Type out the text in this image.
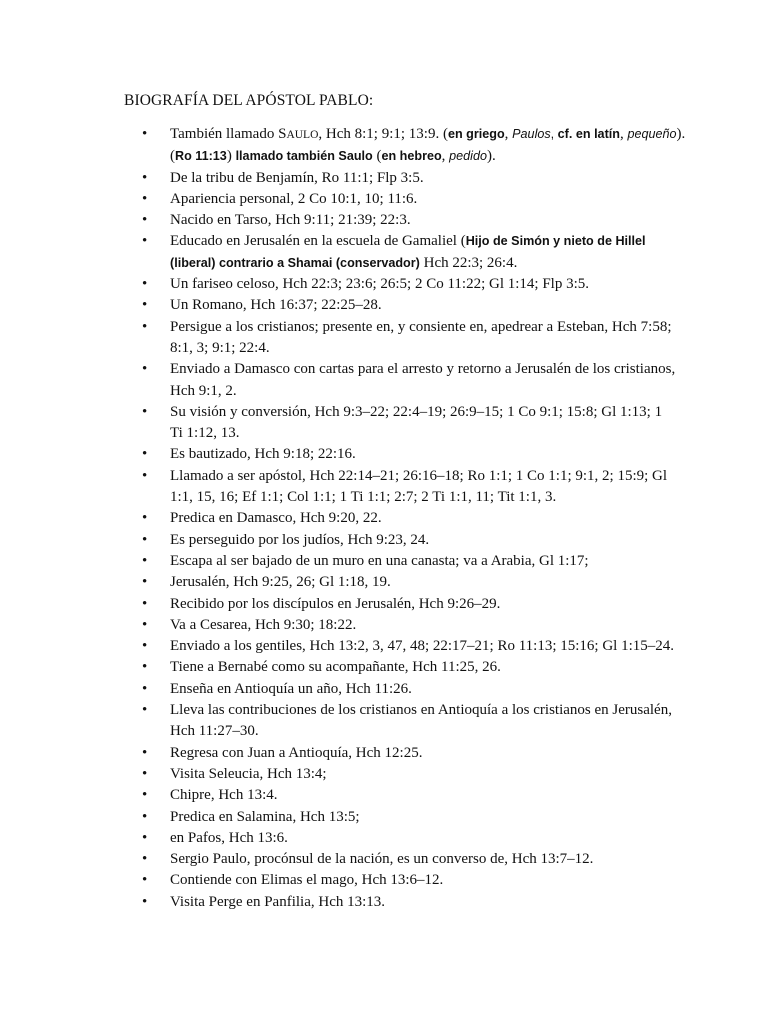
BIOGRAFÍA DEL APÓSTOL PABLO:
• También llamado SAULO, Hch 8:1; 9:1; 13:9. (en griego, Paulos, cf. en latín, pequeño).
(Ro 11:13) llamado también Saulo (en hebreo, pedido).
• De la tribu de Benjamín, Ro 11:1; Flp 3:5.
• Apariencia personal, 2 Co 10:1, 10; 11:6.
• Nacido en Tarso, Hch 9:11; 21:39; 22:3.
• Educado en Jerusalén en la escuela de Gamaliel (Hijo de Simón y nieto de Hillel
(liberal) contrario a Shamai (conservador) Hch 22:3; 26:4.
• Un fariseo celoso, Hch 22:3; 23:6; 26:5; 2 Co 11:22; Gl 1:14; Flp 3:5.
• Un Romano, Hch 16:37; 22:25–28.
• Persigue a los cristianos; presente en, y consiente en, apedrear a Esteban, Hch 7:58; 8:1, 3; 9:1; 22:4.
• Enviado a Damasco con cartas para el arresto y retorno a Jerusalén de los cristianos, Hch 9:1, 2.
• Su visión y conversión, Hch 9:3–22; 22:4–19; 26:9–15; 1 Co 9:1; 15:8; Gl 1:13; 1
Ti 1:12, 13.
• Es bautizado, Hch 9:18; 22:16.
• Llamado a ser apóstol, Hch 22:14–21; 26:16–18; Ro 1:1; 1 Co 1:1; 9:1, 2; 15:9; Gl
1:1, 15, 16; Ef 1:1; Col 1:1; 1 Ti 1:1; 2:7; 2 Ti 1:1, 11; Tit 1:1, 3.
• Predica en Damasco, Hch 9:20, 22.
• Es perseguido por los judíos, Hch 9:23, 24.
• Escapa al ser bajado de un muro en una canasta; va a Arabia, Gl 1:17;
• Jerusalén, Hch 9:25, 26; Gl 1:18, 19.
• Recibido por los discípulos en Jerusalén, Hch 9:26–29.
• Va a Cesarea, Hch 9:30; 18:22.
• Enviado a los gentiles, Hch 13:2, 3, 47, 48; 22:17–21; Ro 11:13; 15:16; Gl 1:15–24.
• Tiene a Bernabé como su acompañante, Hch 11:25, 26.
• Enseña en Antioquía un año, Hch 11:26.
• Lleva las contribuciones de los cristianos en Antioquía a los cristianos en Jerusalén, Hch 11:27–30.
• Regresa con Juan a Antioquía, Hch 12:25.
• Visita Seleucia, Hch 13:4;
• Chipre, Hch 13:4.
• Predica en Salamina, Hch 13:5;
• en Pafos, Hch 13:6.
• Sergio Paulo, procónsul de la nación, es un converso de, Hch 13:7–12.
• Contiende con Elimas el mago, Hch 13:6–12.
• Visita Perge en Panfilia, Hch 13:13.
